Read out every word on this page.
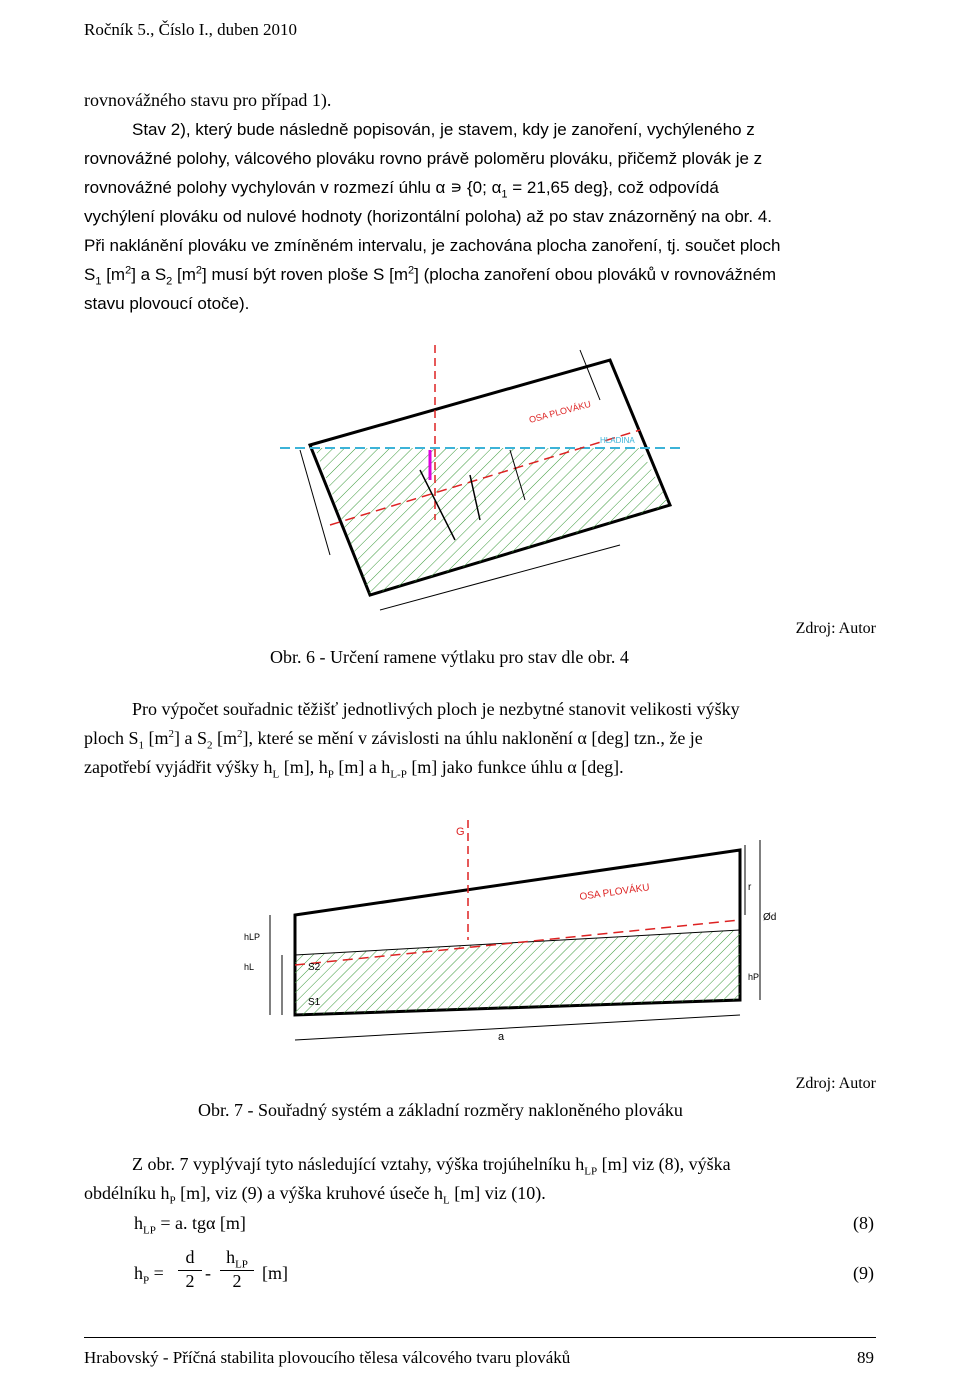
Ročník 5., Číslo I., duben 2010
rovnovážného stavu pro případ 1).
Stav 2), který bude následně popisován, je stavem, kdy je zanoření, vychýleného z
rovnovážné polohy, válcového plováku rovno právě poloměru plováku, přičemž plovák je z
rovnovážné polohy vychylován v rozmezí úhlu α ∍ {0; $\alpha_1 = 21,65$ deg}, což odpovídá
vychýlení plováku od nulové hodnoty (horizontální poloha) až po stav znázorněný na obr. 4.
Při naklánění plováku ve zmíněném intervalu, je zachována plocha zanoření, tj. součet ploch
$S_1$ $[m^2]$ a $S_2$ $[m^2]$ musí být roven ploše S $[m^2]$ (plocha zanoření obou plováků v rovnovážném
stavu plovoucí otoče).
OSA PLOVÁKU
HLADINA
Zdroj: Autor
Obr. 6 - Určení ramene výtlaku pro stav dle obr. 4
Pro výpočet souřadnic těžišť jednotlivých ploch je nezbytné stanovit velikosti výšky
ploch $S_1$ $[m^2]$ a $S_2$ $[m^2]$, které se mění v závislosti na úhlu naklonění α [deg] tzn., že je
zapotřebí vyjádřit výšky $h_L$ [m], $h_P$ [m] a $h_{L-P}$ [m] jako funkce úhlu α [deg].
OSA PLOVÁKU
G
S2
S1
a
Ød
r
hL
hLP
hP
Zdroj: Autor
Obr. 7 - Souřadný systém a základní rozměry nakloněného plováku
Z obr. 7 vyplývají tyto následující vztahy, výška trojúhelníku $h_{LP}$ [m] viz (8), výška
obdélníku $h_P$ [m], viz (9) a výška kruhové úseče $h_L$ [m] viz (10).
$h_{LP} = a$. tgα [m]	(8)
$h_P = \frac{d}{2}$ -
$h_{LP}$
2	[m]	(9)
Hrabovský - Příčná stabilita plovoucího tělesa válcového tvaru plováků	89
